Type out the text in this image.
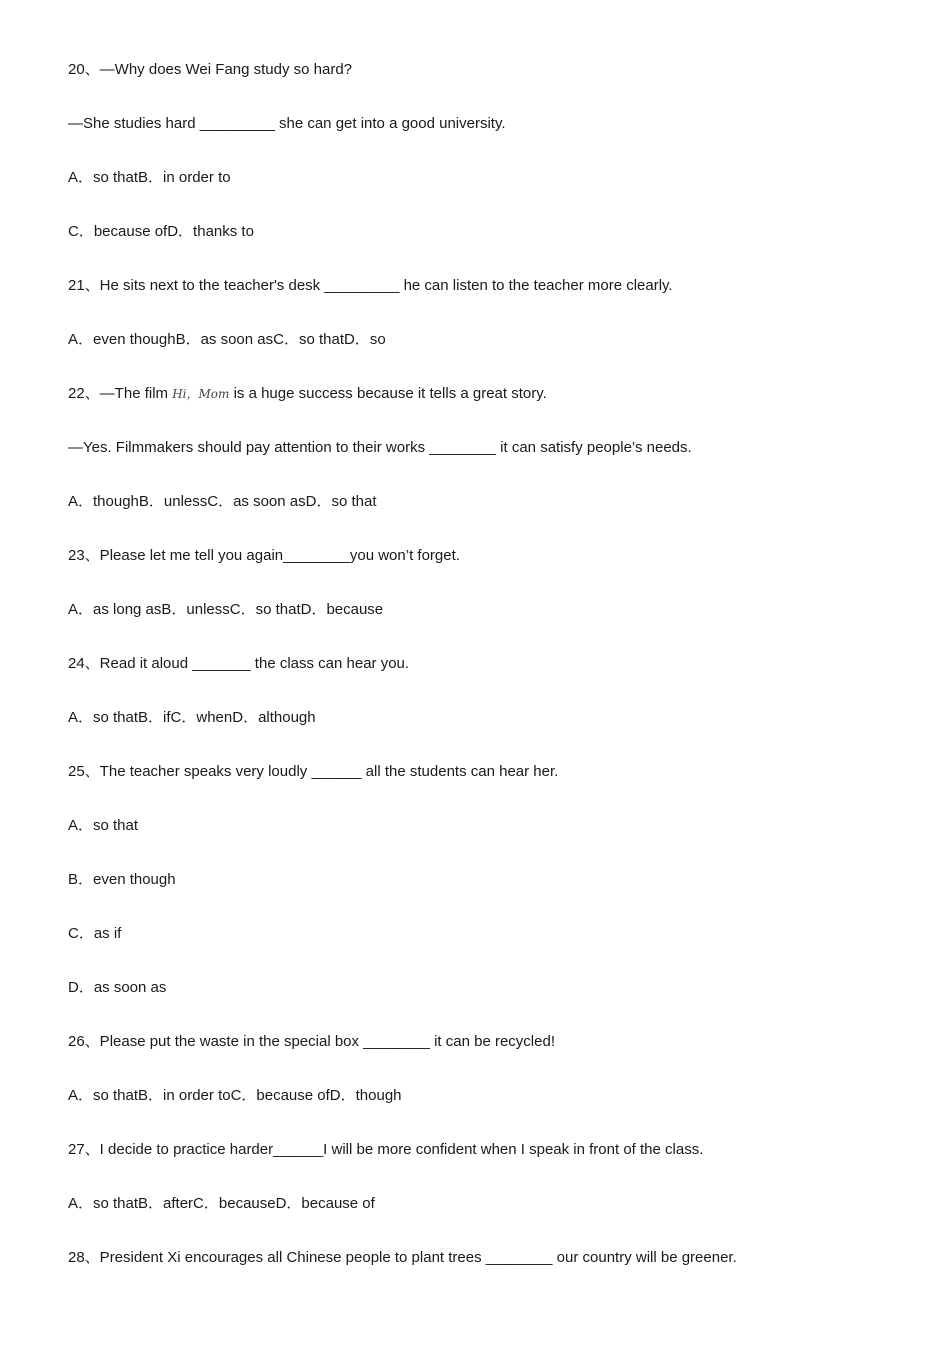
20、—Why does Wei Fang study so hard?
—She studies hard _________ she can get into a good university.
A．so thatB．in order to
C．because ofD．thanks to
21、He sits next to the teacher's desk _________ he can listen to the teacher more clearly.
A．even thoughB．as soon asC．so thatD．so
22、—The film Hi，Mom is a huge success because it tells a great story.
—Yes. Filmmakers should pay attention to their works ________ it can satisfy people’s needs.
A．thoughB．unlessC．as soon asD．so that
23、Please let me tell you again________you won’t forget.
A．as long asB．unlessC．so thatD．because
24、Read it aloud _______ the class can hear you.
A．so thatB．ifC．whenD．although
25、The teacher speaks very loudly ______ all the students can hear her.
A．so that
B．even though
C．as if
D．as soon as
26、Please put the waste in the special box ________ it can be recycled!
A．so thatB．in order toC．because ofD．though
27、I decide to practice harder______I will be more confident when I speak in front of the class.
A．so thatB．afterC．becauseD．because of
28、President Xi encourages all Chinese people to plant trees ________ our country will be greener.
